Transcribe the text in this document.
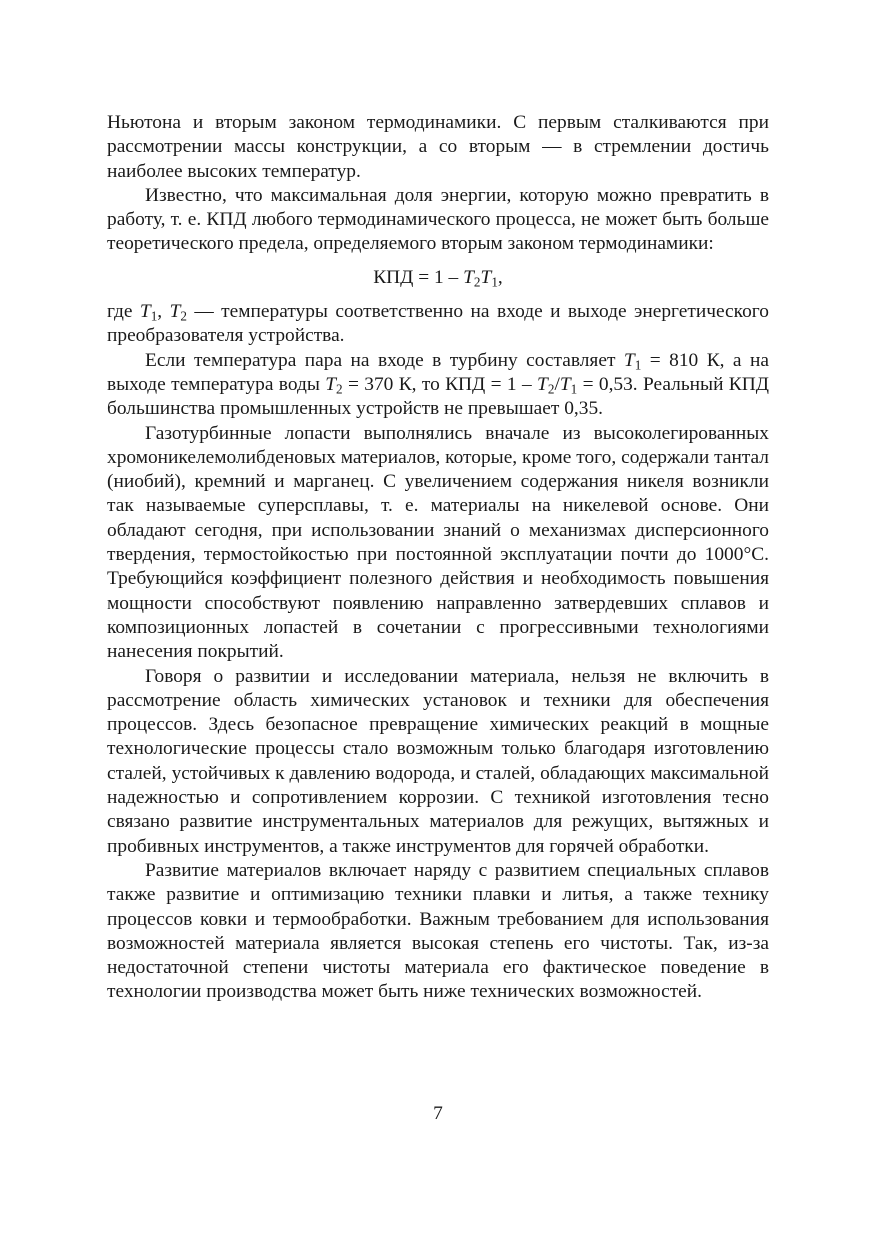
Ньютона и вторым законом термодинамики. С первым сталкиваются при рассмотрении массы конструкции, а со вторым — в стремлении достичь наиболее высоких температур.

Известно, что максимальная доля энергии, которую можно превратить в работу, т. е. КПД любого термодинамического процесса, не может быть больше теоретического предела, определяемого вторым законом термодинамики:

КПД = $1 - T_2T_1$,

где $T_1$, $T_2$ — температуры соответственно на входе и выходе энергетического преобразователя устройства.

Если температура пара на входе в турбину составляет $T_1 = 810$ К, а на выходе температура воды $T_2 = 370$ К, то КПД = $1 - T_2/T_1 = 0,53$. Реальный КПД большинства промышленных устройств не превышает 0,35.

Газотурбинные лопасти выполнялись вначале из высоколегированных хромоникелемолибденовых материалов, которые, кроме того, содержали тантал (ниобий), кремний и марганец. С увеличением содержания никеля возникли так называемые суперсплавы, т. е. материалы на никелевой основе. Они обладают сегодня, при использовании знаний о механизмах дисперсионного твердения, термостойкостью при постоянной эксплуатации почти до 1000°С. Требующийся коэффициент полезного действия и необходимость повышения мощности способствуют появлению направленно затвердевших сплавов и композиционных лопастей в сочетании с прогрессивными технологиями нанесения покрытий.

Говоря о развитии и исследовании материала, нельзя не включить в рассмотрение область химических установок и техники для обеспечения процессов. Здесь безопасное превращение химических реакций в мощные технологические процессы стало возможным только благодаря изготовлению сталей, устойчивых к давлению водорода, и сталей, обладающих максимальной надежностью и сопротивлением коррозии. С техникой изготовления тесно связано развитие инструментальных материалов для режущих, вытяжных и пробивных инструментов, а также инструментов для горячей обработки.

Развитие материалов включает наряду с развитием специальных сплавов также развитие и оптимизацию техники плавки и литья, а также технику процессов ковки и термообработки. Важным требованием для использования возможностей материала является высокая степень его чистоты. Так, из-за недостаточной степени чистоты материала его фактическое поведение в технологии производства может быть ниже технических возможностей.

7
